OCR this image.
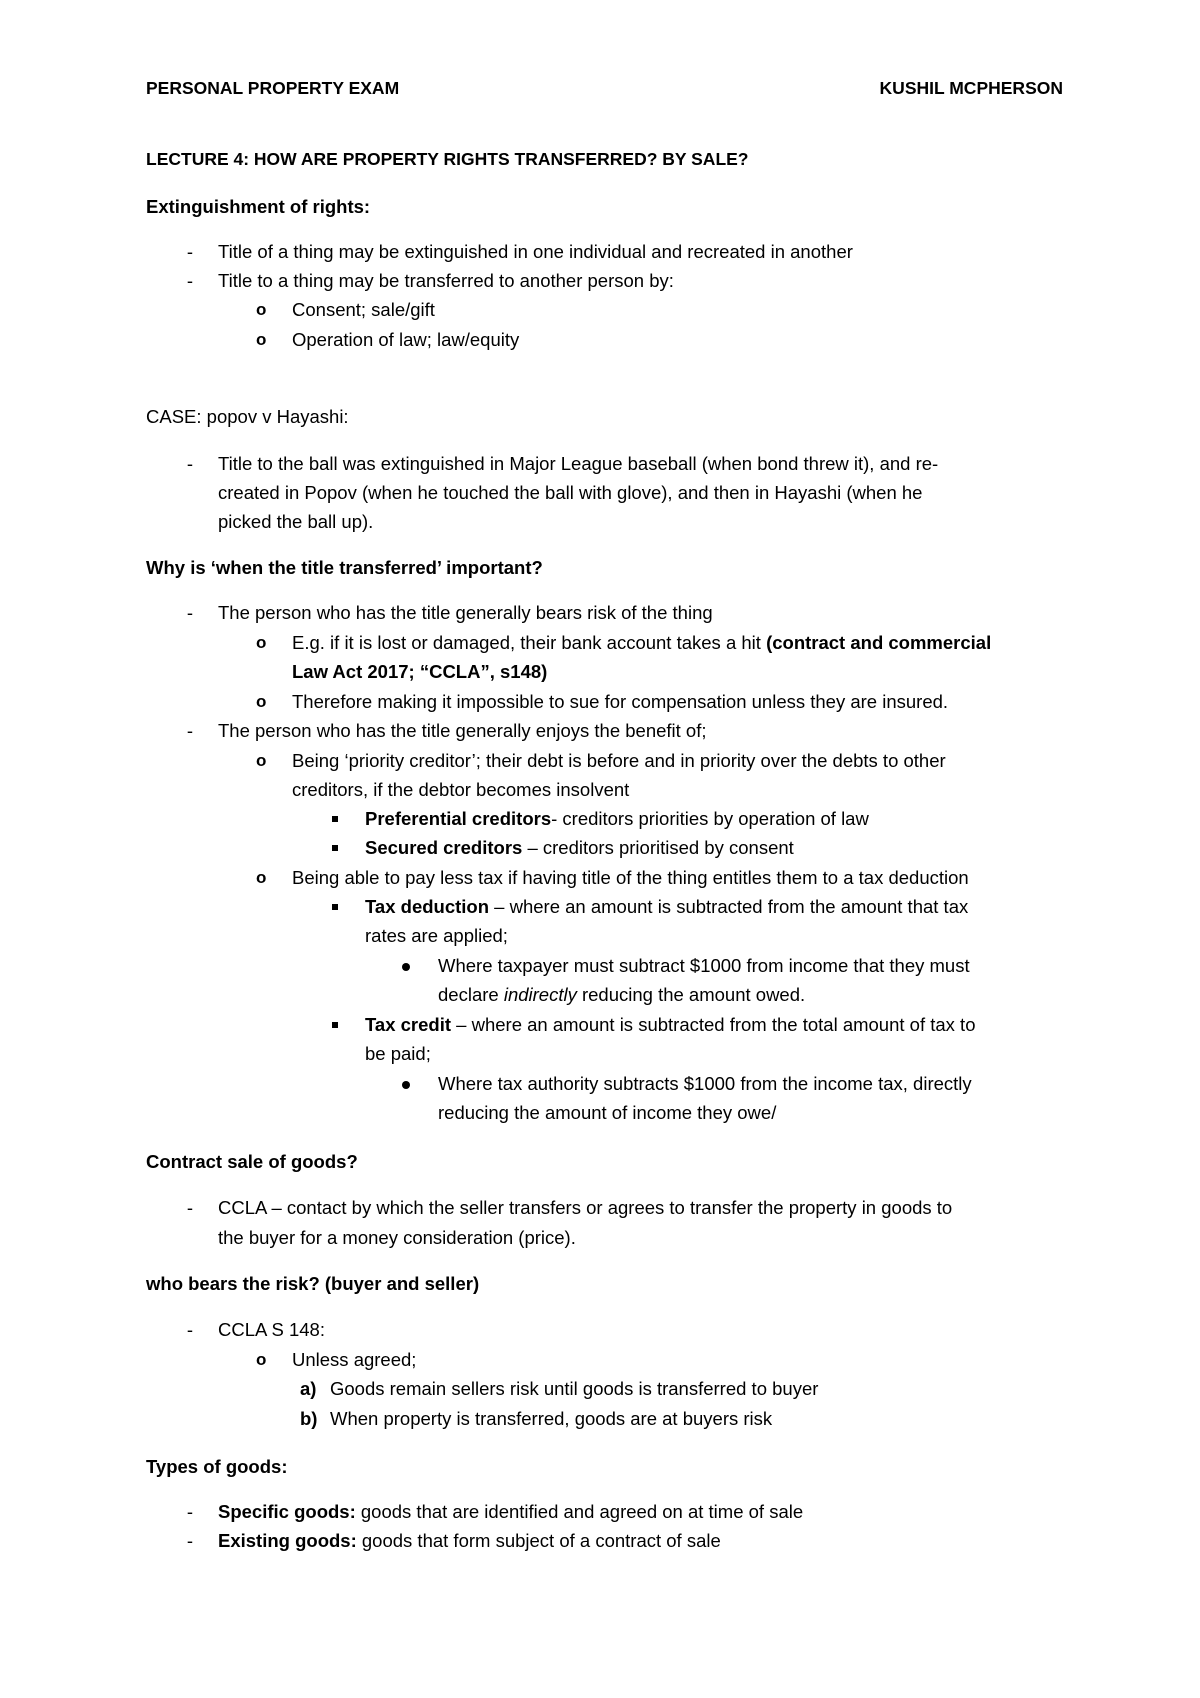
PERSONAL PROPERTY EXAM	KUSHIL MCPHERSON
LECTURE 4: HOW ARE PROPERTY RIGHTS TRANSFERRED? BY SALE?
Extinguishment of rights:
- Title of a thing may be extinguished in one individual and recreated in another
- Title to a thing may be transferred to another person by:
o Consent; sale/gift
o Operation of law; law/equity
CASE: popov v Hayashi:
- Title to the ball was extinguished in Major League baseball (when bond threw it), and re-
created in Popov (when he touched the ball with glove), and then in Hayashi (when he
picked the ball up).
Why is ‘when the title transferred’ important?
- The person who has the title generally bears risk of the thing
o E.g. if it is lost or damaged, their bank account takes a hit (contract and commercial
Law Act 2017; “CCLA”, s148)
o Therefore making it impossible to sue for compensation unless they are insured.
- The person who has the title generally enjoys the benefit of;
o Being ‘priority creditor’; their debt is before and in priority over the debts to other
creditors, if the debtor becomes insolvent
Preferential creditors- creditors priorities by operation of law
Secured creditors – creditors prioritised by consent
o Being able to pay less tax if having title of the thing entitles them to a tax deduction
Tax deduction – where an amount is subtracted from the amount that tax
rates are applied;
Where taxpayer must subtract $1000 from income that they must
declare indirectly reducing the amount owed.
Tax credit – where an amount is subtracted from the total amount of tax to
be paid;
Where tax authority subtracts $1000 from the income tax, directly
reducing the amount of income they owe/
Contract sale of goods?
- CCLA – contact by which the seller transfers or agrees to transfer the property in goods to
the buyer for a money consideration (price).
who bears the risk? (buyer and seller)
- CCLA S 148:
o Unless agreed;
a) Goods remain sellers risk until goods is transferred to buyer
b) When property is transferred, goods are at buyers risk
Types of goods:
- Specific goods: goods that are identified and agreed on at time of sale
- Existing goods: goods that form subject of a contract of sale
